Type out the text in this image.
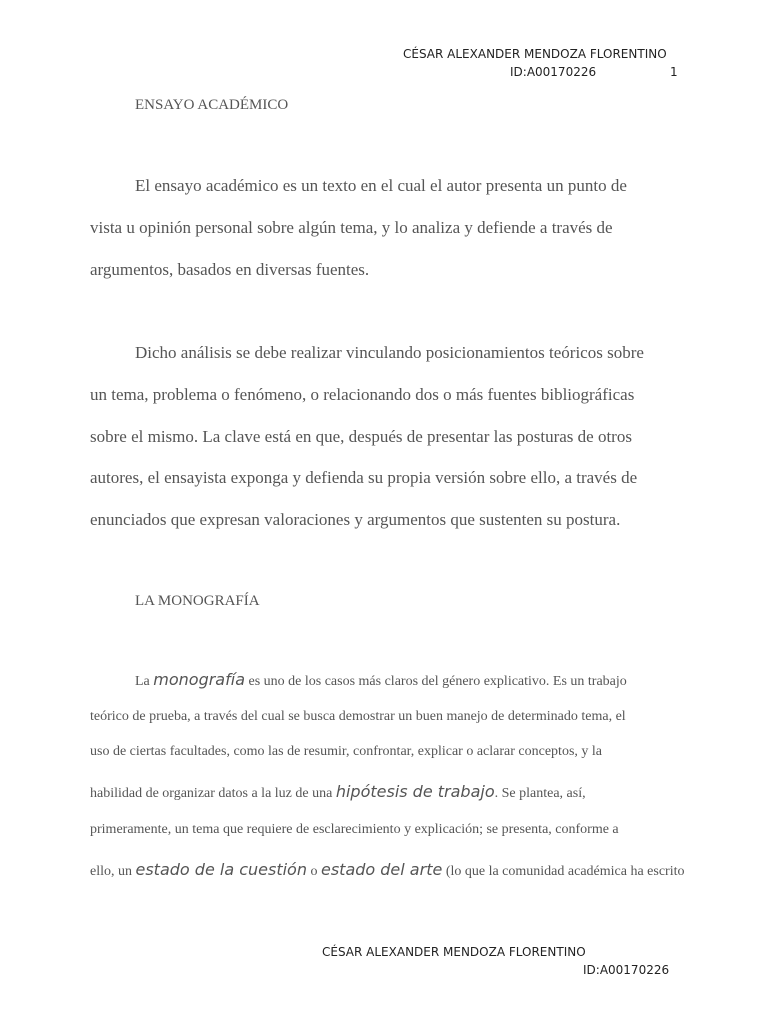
CÉSAR ALEXANDER MENDOZA FLORENTINO
ID:A00170226	1
ENSAYO ACADÉMICO
El ensayo académico es un texto en el cual el autor presenta un punto de
vista u opinión personal sobre algún tema, y lo analiza y defiende a través de
argumentos, basados en diversas fuentes.
Dicho análisis se debe realizar vinculando posicionamientos teóricos sobre
un tema, problema o fenómeno, o relacionando dos o más fuentes bibliográficas
sobre el mismo. La clave está en que, después de presentar las posturas de otros
autores, el ensayista exponga y defienda su propia versión sobre ello, a través de
enunciados que expresan valoraciones y argumentos que sustenten su postura.
LA MONOGRAFÍA
La monografía es uno de los casos más claros del género explicativo. Es un trabajo
teórico de prueba, a través del cual se busca demostrar un buen manejo de determinado tema, el
uso de ciertas facultades, como las de resumir, confrontar, explicar o aclarar conceptos, y la
habilidad de organizar datos a la luz de una hipótesis de trabajo. Se plantea, así,
primeramente, un tema que requiere de esclarecimiento y explicación; se presenta, conforme a
ello, un estado de la cuestión o estado del arte (lo que la comunidad académica ha escrito
CÉSAR ALEXANDER MENDOZA FLORENTINO
ID:A00170226
